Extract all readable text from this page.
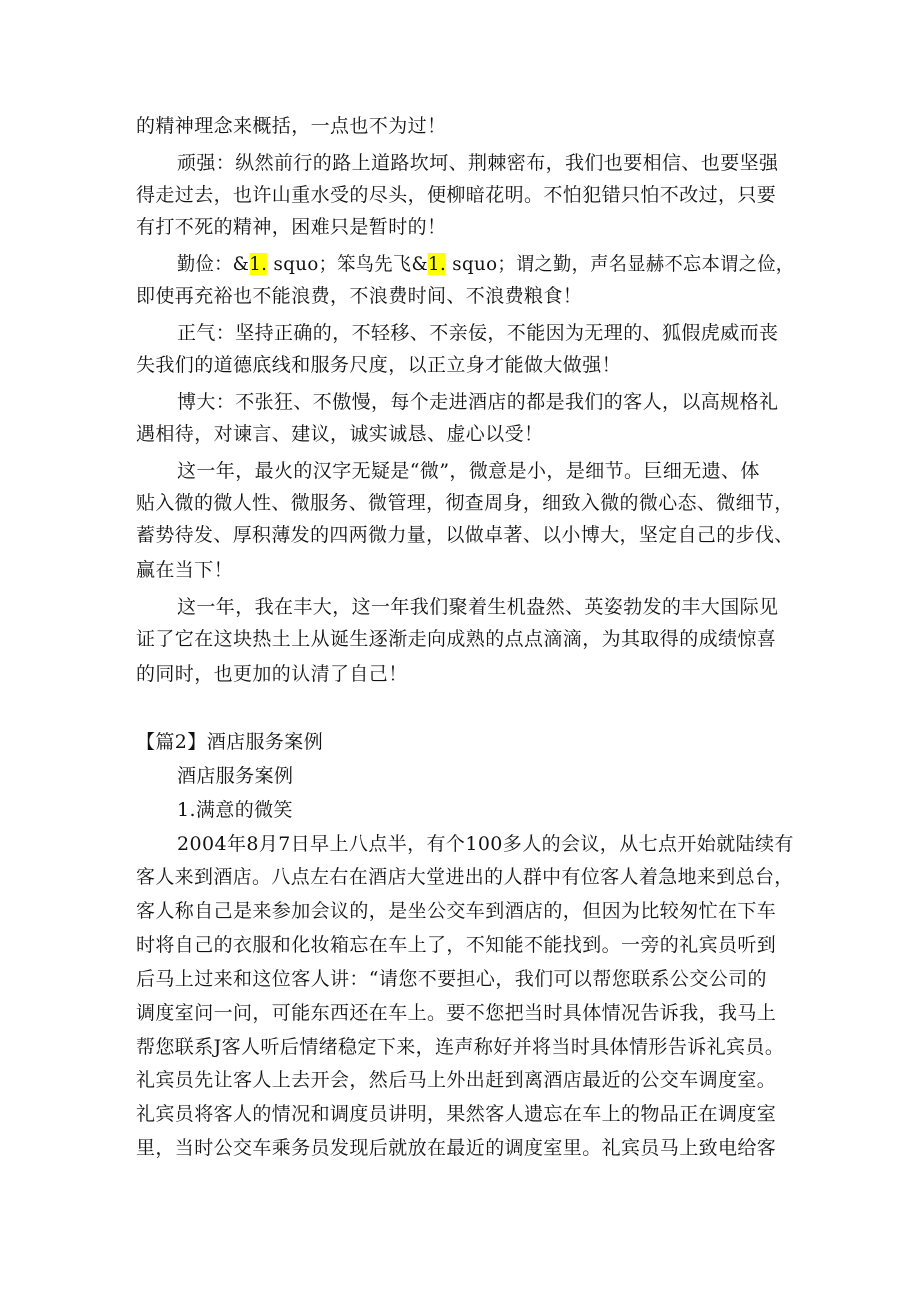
的精神理念来概括，一点也不为过！
顽强：纵然前行的路上道路坎坷、荆棘密布，我们也要相信、也要坚强
得走过去，也许山重水受的尽头，便柳暗花明。不怕犯错只怕不改过，只要
有打不死的精神，困难只是暂时的！
勤俭：&1. squo；笨鸟先飞&1. squo；谓之勤，声名显赫不忘本谓之俭，
即使再充裕也不能浪费，不浪费时间、不浪费粮食！
正气：坚持正确的，不轻移、不亲佞，不能因为无理的、狐假虎威而丧
失我们的道德底线和服务尺度，以正立身才能做大做强！
博大：不张狂、不傲慢，每个走进酒店的都是我们的客人，以高规格礼
遇相待，对谏言、建议，诚实诚恳、虚心以受！
这一年，最火的汉字无疑是“微”，微意是小，是细节。巨细无遗、体
贴入微的微人性、微服务、微管理，彻查周身，细致入微的微心态、微细节，
蓄势待发、厚积薄发的四两微力量，以做卓著、以小博大，坚定自己的步伐、
赢在当下！
这一年，我在丰大，这一年我们聚着生机盎然、英姿勃发的丰大国际见
证了它在这块热土上从诞生逐渐走向成熟的点点滴滴，为其取得的成绩惊喜
的同时，也更加的认清了自己！
【篇2】酒店服务案例
酒店服务案例
1.满意的微笑
2004年8月7日早上八点半，有个100多人的会议，从七点开始就陆续有
客人来到酒店。八点左右在酒店大堂进出的人群中有位客人着急地来到总台，
客人称自己是来参加会议的，是坐公交车到酒店的，但因为比较匆忙在下车
时将自己的衣服和化妆箱忘在车上了，不知能不能找到。一旁的礼宾员听到
后马上过来和这位客人讲：“请您不要担心，我们可以帮您联系公交公司的
调度室问一问，可能东西还在车上。要不您把当时具体情况告诉我，我马上
帮您联系J客人听后情绪稳定下来，连声称好并将当时具体情形告诉礼宾员。
礼宾员先让客人上去开会，然后马上外出赶到离酒店最近的公交车调度室。
礼宾员将客人的情况和调度员讲明，果然客人遗忘在车上的物品正在调度室
里，当时公交车乘务员发现后就放在最近的调度室里。礼宾员马上致电给客
